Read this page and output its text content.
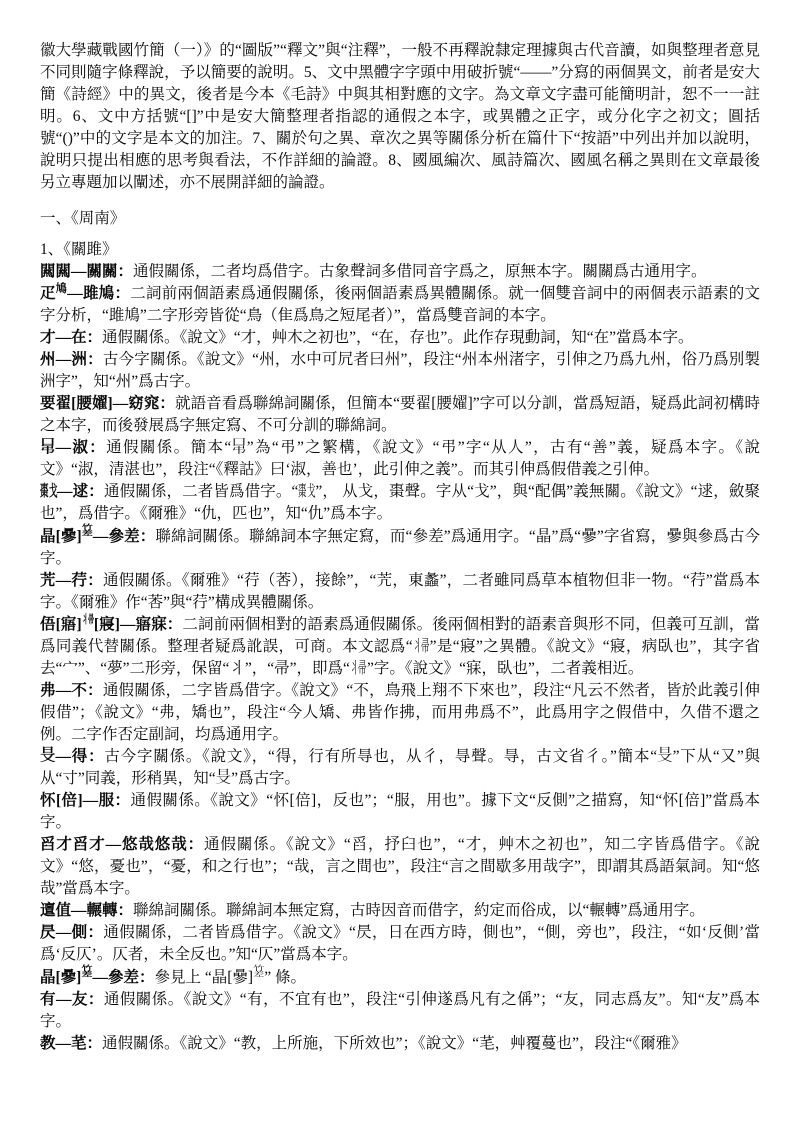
徽大學藏戰國竹簡（一）》的“圖版”“釋文”與“注釋”，一般不再釋說隸定理據與古代音讀，如與整理者意見不同則隨字條釋說，予以簡要的說明。5、文中黑體字字頭中用破折號“——”分寫的兩個異文，前者是安大簡《詩經》中的異文，後者是今本《毛詩》中與其相對應的文字。為文章文字盡可能簡明計，恕不一一註明。6、文中方括號“[]”中是安大簡整理者指認的通假之本字，或異體之正字，或分化字之初文；圓括號“()”中的文字是本文的加注。7、關於句之異、章次之異等關係分析在篇什下“按語”中列出并加以說明，說明只提出相應的思考與看法，不作詳細的論證。8、國風編次、風詩篇次、國風名稱之異則在文章最後另立專題加以闡述，亦不展開詳細的論證。

一、《周南》

1、《關雎》

闗闗—關關：通假關係，二者均爲借字。古象聲詞多借同音字爲之，原無本字。關關爲古通用字。

疋$^鳩$—雎鳩：二詞前兩個語素爲通假關係，後兩個語素爲異體關係。就一個雙音詞中的兩個表示語素的文字分析，“雎鳩”二字形旁皆從“鳥（隹爲鳥之短尾者）”，當爲雙音詞的本字。

才—在：通假關係。《說文》“才，艸木之初也”，“在，存也”。此作存現動詞，知“在”當爲本字。

州—洲：古今字關係。《說文》“州，水中可凥者曰州”，段注“州本州渚字，引伸之乃爲九州，俗乃爲別製洲字”，知“州”爲古字。

要翟[腰嬥]—窈窕：就語音看爲聯綿詞關係，但簡本“要翟[腰嬥]”字可以分訓，當爲短語，疑爲此詞初構時之本字，而後發展爲字無定寫、不可分訓的聯綿詞。

口
弔 —淑：通假關係。簡本“ 口
弔 ”為“弔”之繁構，《說文》“弔”字“从人”，古有“善”義，疑爲本字。《說文》“淑，清湛也”，段注“《釋詁》曰‘淑，善也’，此引伸之義”。而其引伸爲假借義之引伸。

棗戈—逑：通假關係，二者皆爲借字。“棗戈”， 从戈，棗聲。字从“戈”，與“配偶”義無關。《說文》“逑，斂聚也”，爲借字。《爾雅》“仇，匹也”，知“仇”爲本字。

晶[曑]
$^{竹 差}$ —參差：聯綿詞關係。聯綿詞本字無定寫，而“參差”爲通用字。“晶”爲“曑”字省寫，曑與參爲古今字。

苀—荇：通假關係。《爾雅》“荇（莕），接餘”，“苀，東蠡”，二者雖同爲草本植物但非一物。“荇”當爲本字。《爾雅》作“莕”與“荇”構成異體關係。

俉[寤]$^{丬帚}$[寢]—寤寐：二詞前兩個相對的語素爲通假關係。後兩個相對的語素音與形不同，但義可互訓，當爲同義代替關係。整理者疑爲訛誤，可商。本文認爲“丬帚”是“寢”之異體。《說文》“寢，病臥也”，其字省去“宀”、“夢”二形旁，保留“丬”，“帚”，即爲“丬帚”字。《說文》“寐，臥也”，二者義相近。

弗—不：通假關係，二字皆爲借字。《說文》“不，鳥飛上翔不下來也”，段注“凡云不然者，皆於此義引伸假借”；《說文》“弗，矯也”，段注“今人矯、弗皆作拂，而用弗爲不”，此爲用字之假借中，久借不還之例。二字作否定副詞，均爲通用字。

旦
又 —得：古今字關係。《說文》，“得，行有所㝵也，从彳，㝵聲。㝵，古文省彳。”簡本“ 旦
又 ”下从“又”與从“寸”同義，形稍異，知“ 旦
又 ”爲古字。

怀[倍]—服：通假關係。《說文》“怀[倍]，反也”；“服，用也”。據下文“反側”之描寫，知“怀[倍]”當爲本字。

舀才舀才—悠哉悠哉：通假關係。《說文》“舀，抒臼也”，“才，艸木之初也”，知二字皆爲借字。《說文》“悠，憂也”，“憂，和之行也”；“哉，言之間也”，段注“言之間歇多用哉字”，即謂其爲語氣詞。知“悠哉”當爲本字。

邅值—輾轉：聯綿詞關係。聯綿詞本無定寫，古時因音而借字，約定而俗成，以“輾轉”爲通用字。

昃—側：通假關係，二者皆爲借字。《說文》“昃，日在西方時，側也”，“側，旁也”，段注，“如‘反側’當爲‘反仄’。仄者，未全反也。”知“仄”當爲本字。

晶[曑]
$^{竹 差}$ —參差：參見上 “晶[曑]
$^{竹 差}$ ” 條。

有—友：通假關係。《說文》“有，不宜有也”，段注“引伸遂爲凡有之偁”；“友，同志爲友”。知“友”爲本字。

教—芼：通假關係。《說文》“教，上所施，下所效也”；《說文》“芼，艸覆蔓也”，段注“《爾雅》
